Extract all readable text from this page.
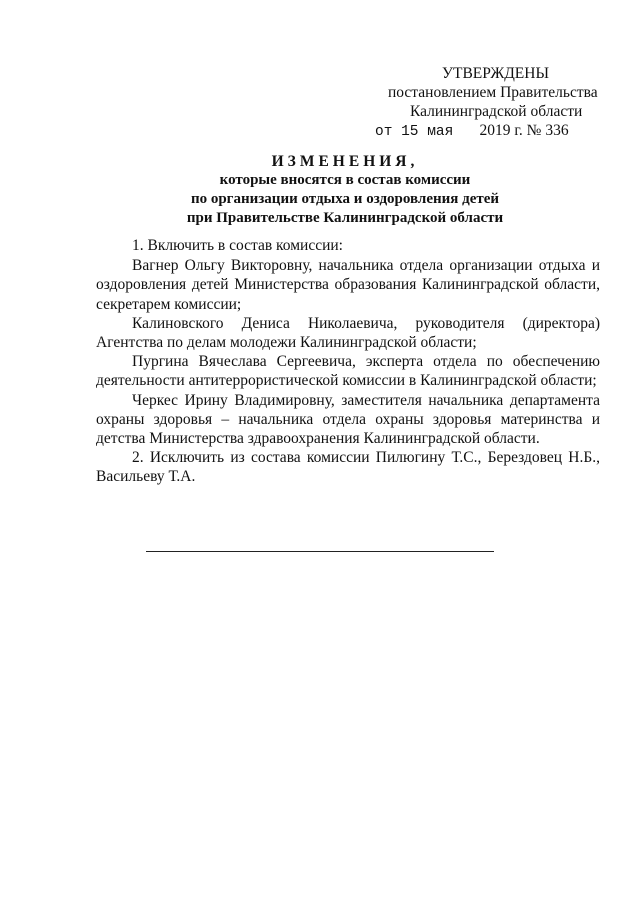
УТВЕРЖДЕНЫ
постановлением Правительства
Калининградской области
от 15 мая 2019 г. № 336
ИЗМЕНЕНИЯ,
которые вносятся в состав комиссии
по организации отдыха и оздоровления детей
при Правительстве Калининградской области

1. Включить в состав комиссии:

Вагнер Ольгу Викторовну, начальника отдела организации отдыха и оздоровления детей Министерства образования Калининградской области, секретарем комиссии;

Калиновского Дениса Николаевича, руководителя (директора) Агентства по делам молодежи Калининградской области;

Пургина Вячеслава Сергеевича, эксперта отдела по обеспечению деятельности антитеррористической комиссии в Калининградской области;

Черкес Ирину Владимировну, заместителя начальника департамента охраны здоровья – начальника отдела охраны здоровья материнства и детства Министерства здравоохранения Калининградской области.

2. Исключить из состава комиссии Пилюгину Т.С., Берездовец Н.Б., Васильеву Т.А.
